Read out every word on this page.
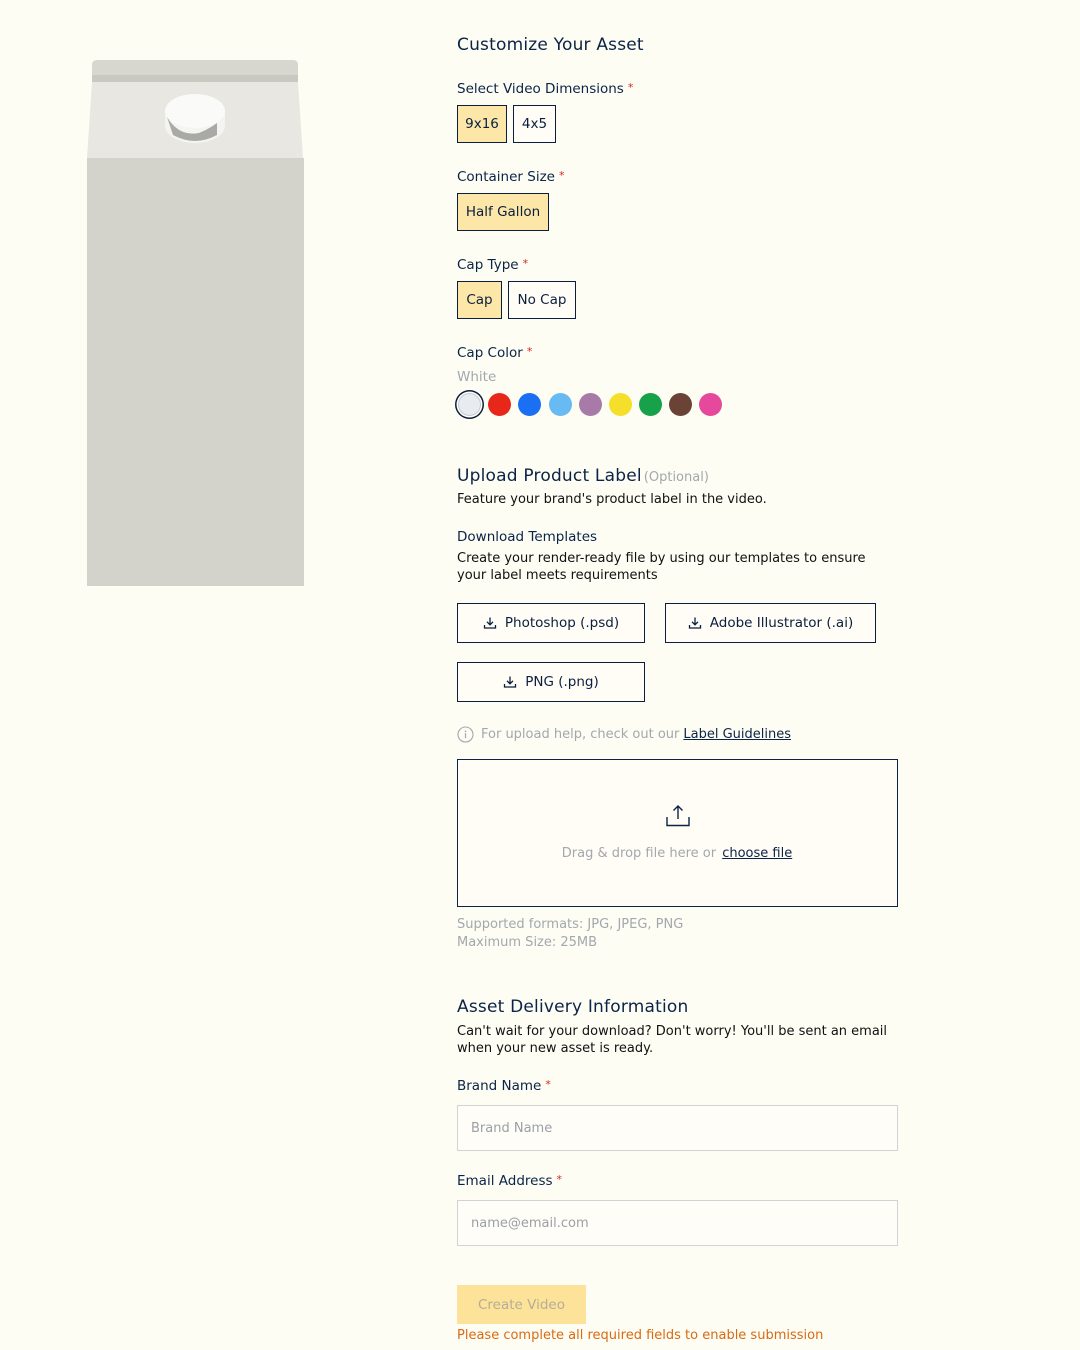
Customize Your Asset
Select Video Dimensions *
9x16	4x5
Container Size *
Half Gallon
Cap Type *
Cap	No Cap
Cap Color *
White
Upload Product Label (Optional)
Feature your brand's product label in the video.
Download Templates
Create your render-ready file by using our templates to ensure your label meets requirements
Photoshop (.psd)	Adobe Illustrator (.ai)
PNG (.png)
For upload help, check out our Label Guidelines
Drag & drop file here or choose file
Supported formats: JPG, JPEG, PNG
Maximum Size: 25MB
Asset Delivery Information
Can't wait for your download? Don't worry! You'll be sent an email when your new asset is ready.
Brand Name *
Brand Name
Email Address *
name@email.com
Create Video
Please complete all required fields to enable submission
